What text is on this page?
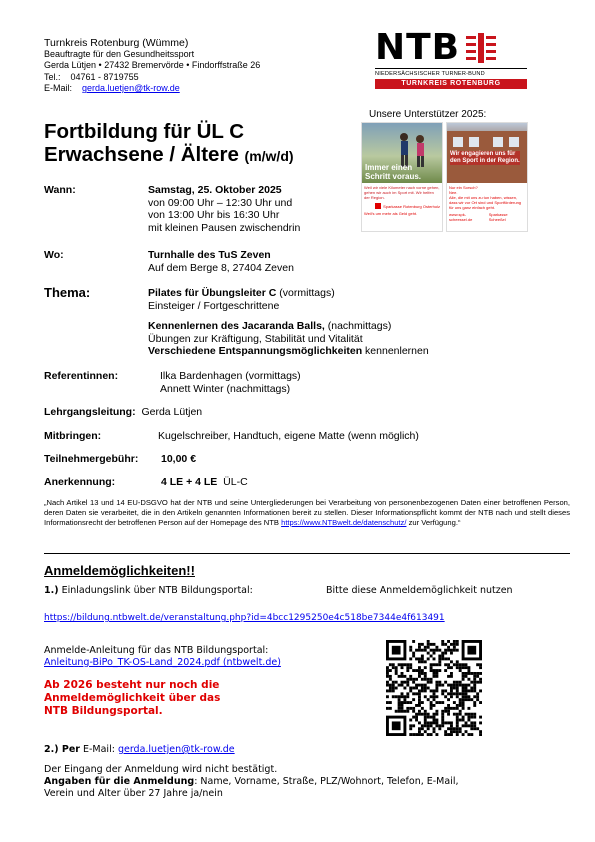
Turnkreis Rotenburg (Wümme)
Beauftragte für den Gesundheitssport
Gerda Lütjen • 27432 Bremervörde • Findorffstraße 26
Tel.: 04761 - 8719755
E-Mail: gerda.luetjen@tk-row.de
NTB
NIEDERSÄCHSISCHER TURNER-BUND
TURNKREIS ROTENBURG
Unsere Unterstützer 2025:
Immer einen
Schritt voraus.
Weil wir viele Kilometer nach vorne gehen, gehen wir auch im Sport mit. Wir helfen der Region.
Sparkasse Rotenburg Osterholz
Weil's um mehr als Geld geht.
Wir engagieren uns für
den Sport in der Region.
Nur ein Sorsch?
Nee.
Alle, die mit uns zu tun haben, wissen, dass wir vor Ort sind und Sportförderung für uns ganz einfach geht.
www.spk-scheessel.de
Sparkasse Scheeßel
Fortbildung für ÜL C
Erwachsene / Ältere (m/w/d)
Wann:	Samstag, 25. Oktober 2025
von 09:00 Uhr – 12:30 Uhr und
von 13:00 Uhr bis 16:30 Uhr
mit kleinen Pausen zwischendrin
Wo:	Turnhalle des TuS Zeven
Auf dem Berge 8, 27404 Zeven
Thema:	Pilates für Übungsleiter C (vormittags)
Einsteiger / Fortgeschrittene
Kennenlernen des Jacaranda Balls, (nachmittags)
Übungen zur Kräftigung, Stabilität und Vitalität
Verschiedene Entspannungsmöglichkeiten kennenlernen
Referentinnen:	Ilka Bardenhagen (vormittags)
Annett Winter (nachmittags)
Lehrgangsleitung: Gerda Lütjen
Mitbringen:	Kugelschreiber, Handtuch, eigene Matte (wenn möglich)
Teilnehmergebühr: 10,00 €
Anerkennung:	4 LE + 4 LE ÜL-C
„Nach Artikel 13 und 14 EU-DSGVO hat der NTB und seine Untergliederungen bei Verarbeitung von personenbezogenen Daten einer betroffenen Person, deren Daten sie verarbeitet, die in den Artikeln genannten Informationen bereit zu stellen. Dieser Informationspflicht kommt der NTB nach und stellt dieses Informationsrecht der betroffenen Person auf der Homepage des NTB https://www.NTBwelt.de/datenschutz/ zur Verfügung.“
Anmeldemöglichkeiten!!
1.) Einladungslink über NTB Bildungsportal:	Bitte diese Anmeldemöglichkeit nutzen
https://bildung.ntbwelt.de/veranstaltung.php?id=4bcc1295250e4c518be7344e4f613491
Anmelde-Anleitung für das NTB Bildungsportal:
Anleitung-BiPo_TK-OS-Land_2024.pdf (ntbwelt.de)
Ab 2026 besteht nur noch die
Anmeldemöglichkeit über das
NTB Bildungsportal.
2.) Per E-Mail: gerda.luetjen@tk-row.de
Der Eingang der Anmeldung wird nicht bestätigt.
Angaben für die Anmeldung: Name, Vorname, Straße, PLZ/Wohnort, Telefon, E-Mail,
Verein und Alter über 27 Jahre ja/nein
